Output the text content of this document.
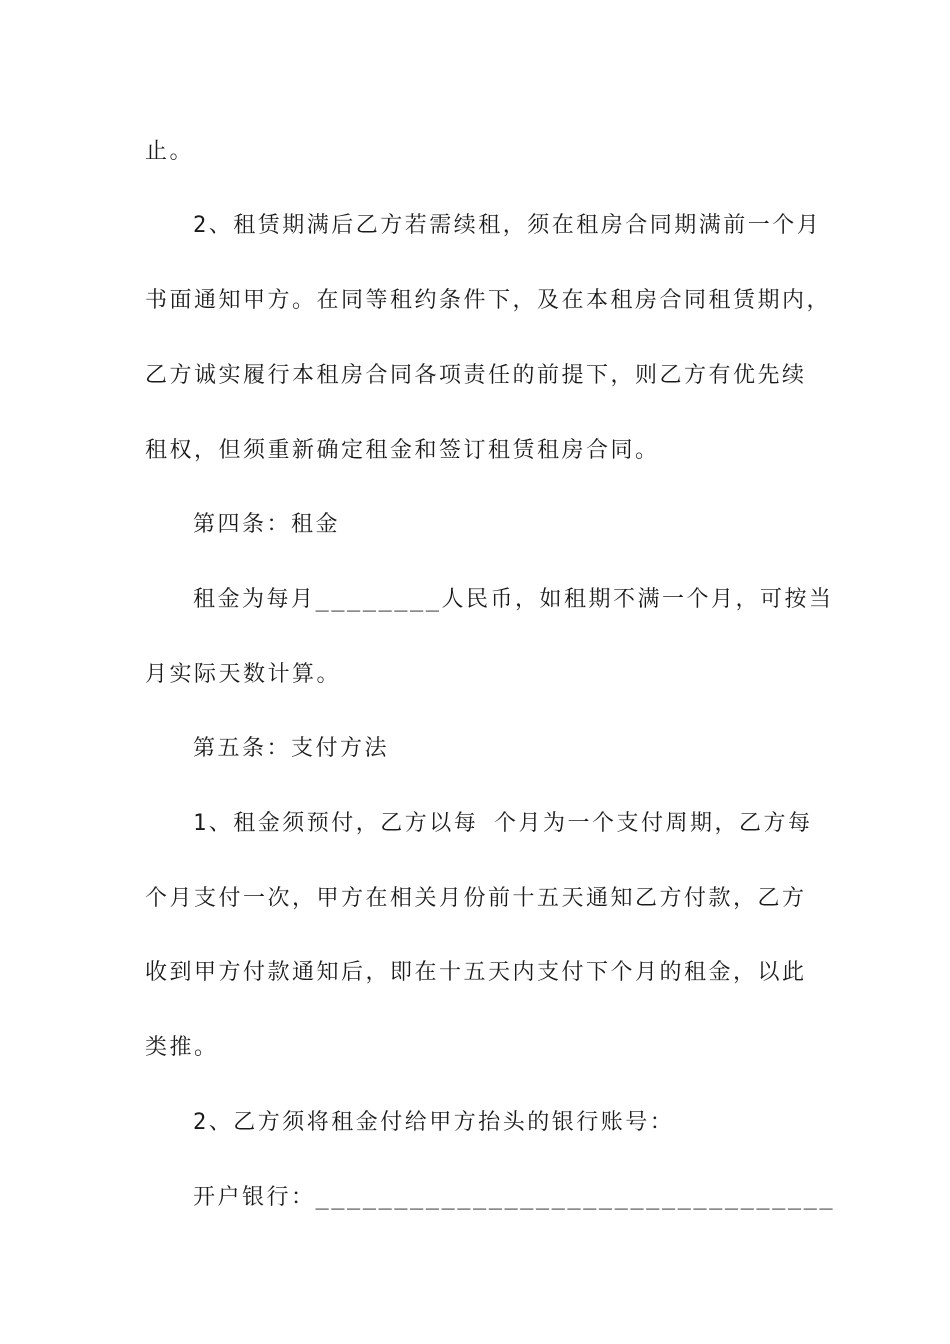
止。
2、租赁期满后乙方若需续租，须在租房合同期满前一个月
书面通知甲方。在同等租约条件下，及在本租房合同租赁期内，
乙方诚实履行本租房合同各项责任的前提下，则乙方有优先续
租权，但须重新确定租金和签订租赁租房合同。
第四条：租金
租金为每月________人民币，如租期不满一个月，可按当
月实际天数计算。
第五条：支付方法
1、租金须预付，乙方以每 个月为一个支付周期，乙方每
个月支付一次，甲方在相关月份前十五天通知乙方付款，乙方
收到甲方付款通知后，即在十五天内支付下个月的租金，以此
类推。
2、乙方须将租金付给甲方抬头的银行账号：
开户银行：_________________________________
